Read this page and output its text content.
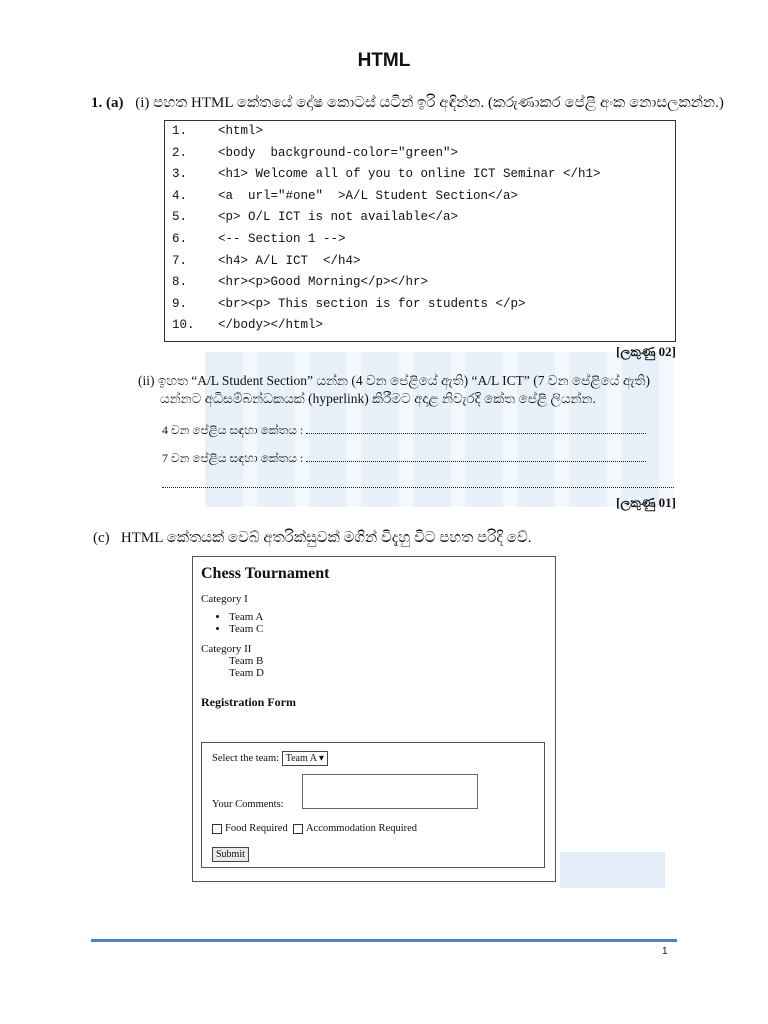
HTML
1. (a) (i) පහත HTML කේතයේ දෝෂ කොටස් යටින් ඉරි අඳින්න. (කරුණාකර පේළි අංක නොසලකන්න.)
1.	<html>
2.	<body  background-color="green">
3.	<h1> Welcome all of you to online ICT Seminar </h1>
4.	<a  url="#one"  >A/L Student Section</a>
5.	<p> O/L ICT is not available</a>
6.	<-- Section 1 -->
7.	<h4> A/L ICT  </h4>
8.	<hr><p>Good Morning</p></hr>
9.	<br><p> This section is for students </p>
10.	</body></html>
[ලකුණු 02]
(ii) ඉහත “A/L Student Section” යන්න (4 වන පේළියේ ඇති) “A/L ICT” (7 වන පේළියේ ඇති)
යන්නට අධිසම්බන්ධකයක් (hyperlink) කිරීමට අදාළ නිවැරදි කේත පේළි ලියන්න.
4 වන පේළිය සඳහා කේතය :
7 වන පේළිය සඳහා කේතය :
[ලකුණු 01]
(c) HTML කේතයක් වෙබ් අතරික්සුවක් මගින් විදැහු විට පහත පරිදි වේ.
Chess Tournament
Category I
• Team A
• Team C
Category II
Team B
Team D
Registration Form
Select the team: Team A ▾
Your Comments:
Food Required Accommodation Required
Submit
1
